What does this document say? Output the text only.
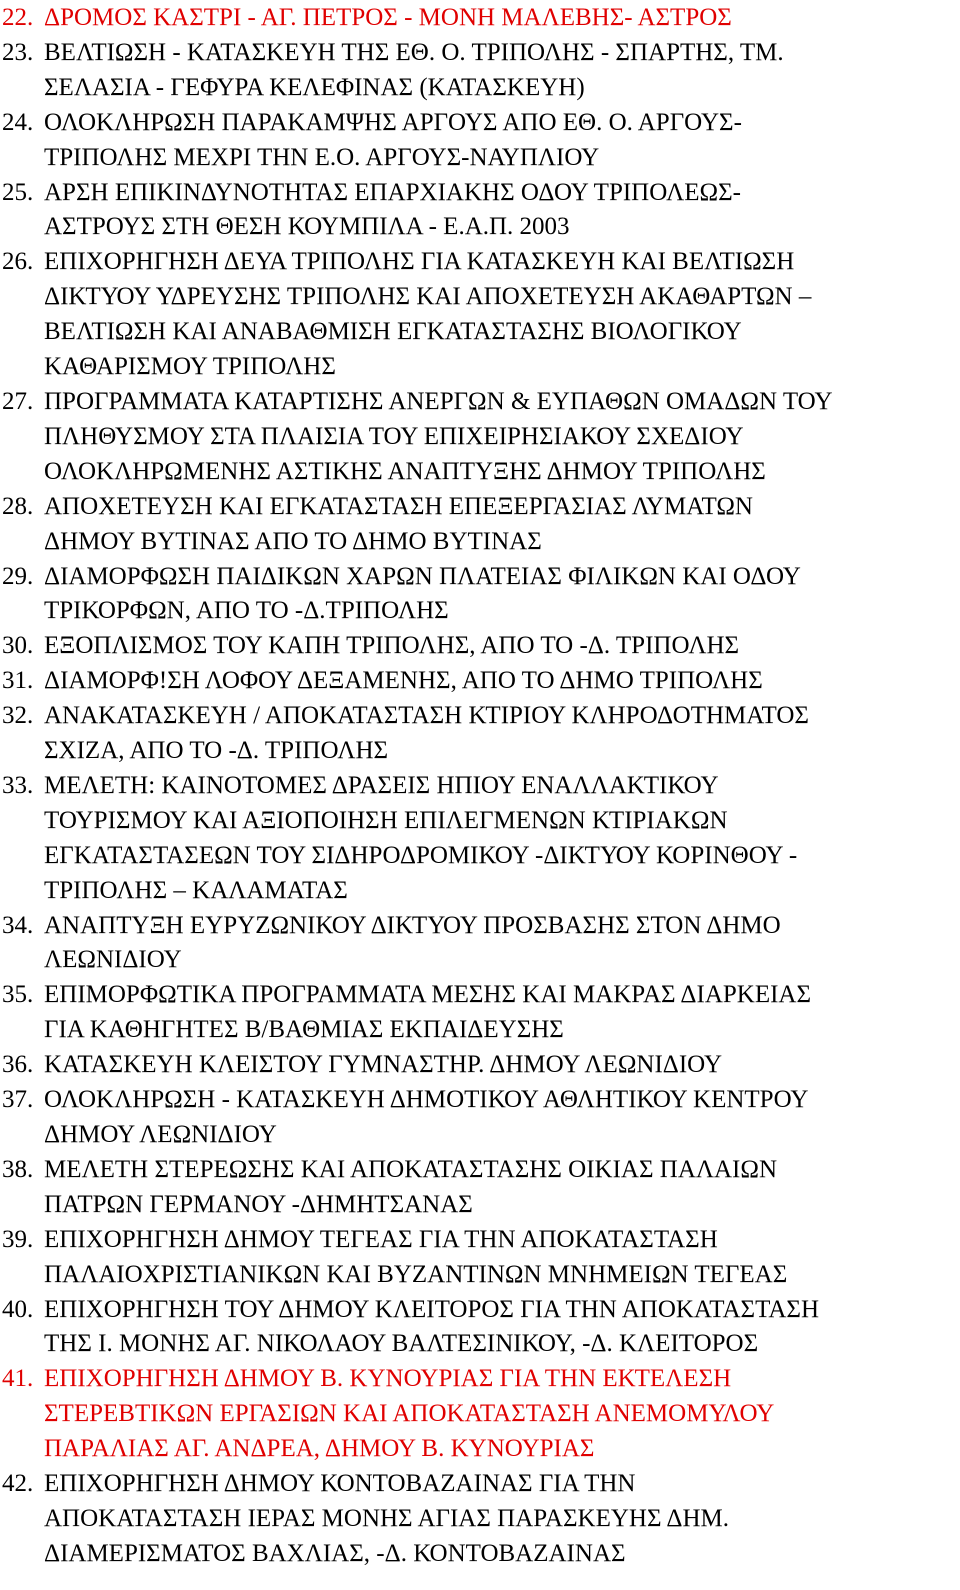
22. ΔΡΟΜΟΣ ΚΑΣΤΡΙ - ΑΓ. ΠΕΤΡΟΣ - ΜΟΝΗ ΜΑΛΕΒΗΣ- ΑΣΤΡΟΣ
23. ΒΕΛΤΙΩΣΗ - ΚΑΤΑΣΚΕΥΗ ΤΗΣ ΕΘ. Ο. ΤΡΙΠΟΛΗΣ - ΣΠΑΡΤΗΣ, ΤΜ.
ΣΕΛΑΣΙΑ - ΓΕΦΥΡΑ ΚΕΛΕΦΙΝΑΣ (ΚΑΤΑΣΚΕΥΗ)
24. ΟΛΟΚΛΗΡΩΣΗ ΠΑΡΑΚΑΜΨΗΣ ΑΡΓΟΥΣ ΑΠΟ ΕΘ. Ο. ΑΡΓΟΥΣ-
ΤΡΙΠΟΛΗΣ ΜΕΧΡΙ ΤΗΝ Ε.Ο. ΑΡΓΟΥΣ-ΝΑΥΠΛΙΟΥ
25. ΑΡΣΗ ΕΠΙΚΙΝΔΥΝΟΤΗΤΑΣ ΕΠΑΡΧΙΑΚΗΣ ΟΔΟΥ ΤΡΙΠΟΛΕΩΣ-
ΑΣΤΡΟΥΣ ΣΤΗ ΘΕΣΗ ΚΟΥΜΠΙΛΑ - Ε.Α.Π. 2003
26. ΕΠΙΧΟΡΗΓΗΣΗ ΔΕΥΑ ΤΡΙΠΟΛΗΣ ΓΙΑ ΚΑΤΑΣΚΕΥΗ ΚΑΙ ΒΕΛΤΙΩΣΗ
ΔΙΚΤΥΟΥ ΥΔΡΕΥΣΗΣ ΤΡΙΠΟΛΗΣ ΚΑΙ ΑΠΟΧΕΤΕΥΣΗ ΑΚΑΘΑΡΤΩΝ –
ΒΕΛΤΙΩΣΗ ΚΑΙ ΑΝΑΒΑΘΜΙΣΗ ΕΓΚΑΤΑΣΤΑΣΗΣ ΒΙΟΛΟΓΙΚΟΥ
ΚΑΘΑΡΙΣΜΟΥ ΤΡΙΠΟΛΗΣ
27. ΠΡΟΓΡΑΜΜΑΤΑ ΚΑΤΑΡΤΙΣΗΣ ΑΝΕΡΓΩΝ & ΕΥΠΑΘΩΝ ΟΜΑΔΩΝ ΤΟΥ
ΠΛΗΘΥΣΜΟΥ ΣΤΑ ΠΛΑΙΣΙΑ ΤΟΥ ΕΠΙΧΕΙΡΗΣΙΑΚΟΥ ΣΧΕΔΙΟΥ
ΟΛΟΚΛΗΡΩΜΕΝΗΣ ΑΣΤΙΚΗΣ ΑΝΑΠΤΥΞΗΣ ΔΗΜΟΥ ΤΡΙΠΟΛΗΣ
28. ΑΠΟΧΕΤΕΥΣΗ ΚΑΙ ΕΓΚΑΤΑΣΤΑΣΗ ΕΠΕΞΕΡΓΑΣΙΑΣ ΛΥΜΑΤΩΝ
ΔΗΜΟΥ ΒΥΤΙΝΑΣ ΑΠΟ ΤΟ ΔΗΜΟ ΒΥΤΙΝΑΣ
29. ΔΙΑΜΟΡΦΩΣΗ ΠΑΙΔΙΚΩΝ ΧΑΡΩΝ ΠΛΑΤΕΙΑΣ ΦΙΛΙΚΩΝ ΚΑΙ ΟΔΟΥ
ΤΡΙΚΟΡΦΩΝ, ΑΠΟ ΤΟ -Δ.ΤΡΙΠΟΛΗΣ
30. ΕΞΟΠΛΙΣΜΟΣ ΤΟΥ ΚΑΠΗ ΤΡΙΠΟΛΗΣ, ΑΠΟ ΤΟ -Δ. ΤΡΙΠΟΛΗΣ
31. ΔΙΑΜΟΡΦ!ΣΗ ΛΟΦΟΥ ΔΕΞΑΜΕΝΗΣ, ΑΠΟ ΤΟ ΔΗΜΟ ΤΡΙΠΟΛΗΣ
32. ΑΝΑΚΑΤΑΣΚΕΥΗ / ΑΠΟΚΑΤΑΣΤΑΣΗ ΚΤΙΡΙΟΥ ΚΛΗΡΟΔΟΤΗΜΑΤΟΣ
ΣΧΙΖΑ, ΑΠΟ ΤΟ -Δ. ΤΡΙΠΟΛΗΣ
33. ΜΕΛΕΤΗ: ΚΑΙΝΟΤΟΜΕΣ ΔΡΑΣΕΙΣ ΗΠΙΟΥ ΕΝΑΛΛΑΚΤΙΚΟΥ
ΤΟΥΡΙΣΜΟΥ ΚΑΙ ΑΞΙΟΠΟΙΗΣΗ ΕΠΙΛΕΓΜΕΝΩΝ ΚΤΙΡΙΑΚΩΝ
ΕΓΚΑΤΑΣΤΑΣΕΩΝ ΤΟΥ ΣΙΔΗΡΟΔΡΟΜΙΚΟΥ -ΔΙΚΤΥΟΥ ΚΟΡΙΝΘΟΥ -
ΤΡΙΠΟΛΗΣ – ΚΑΛΑΜΑΤΑΣ
34. ΑΝΑΠΤΥΞΗ ΕΥΡΥΖΩΝΙΚΟΥ ΔΙΚΤΥΟΥ ΠΡΟΣΒΑΣΗΣ ΣΤΟΝ ΔΗΜΟ
ΛΕΩΝΙΔΙΟΥ
35. ΕΠΙΜΟΡΦΩΤΙΚΑ ΠΡΟΓΡΑΜΜΑΤΑ ΜΕΣΗΣ ΚΑΙ ΜΑΚΡΑΣ ΔΙΑΡΚΕΙΑΣ
ΓΙΑ ΚΑΘΗΓΗΤΕΣ Β/ΒΑΘΜΙΑΣ ΕΚΠΑΙΔΕΥΣΗΣ
36. ΚΑΤΑΣΚΕΥΗ ΚΛΕΙΣΤΟΥ ΓΥΜΝΑΣΤΗΡ. ΔΗΜΟΥ ΛΕΩΝΙΔΙΟΥ
37. ΟΛΟΚΛΗΡΩΣΗ - ΚΑΤΑΣΚΕΥΗ ΔΗΜΟΤΙΚΟΥ ΑΘΛΗΤΙΚΟΥ ΚΕΝΤΡΟΥ
ΔΗΜΟΥ ΛΕΩΝΙΔΙΟΥ
38. ΜΕΛΕΤΗ ΣΤΕΡΕΩΣΗΣ ΚΑΙ ΑΠΟΚΑΤΑΣΤΑΣΗΣ ΟΙΚΙΑΣ ΠΑΛΑΙΩΝ
ΠΑΤΡΩΝ ΓΕΡΜΑΝΟΥ -ΔΗΜΗΤΣΑΝΑΣ
39. ΕΠΙΧΟΡΗΓΗΣΗ ΔΗΜΟΥ ΤΕΓΕΑΣ ΓΙΑ ΤΗΝ ΑΠΟΚΑΤΑΣΤΑΣΗ
ΠΑΛΑΙΟΧΡΙΣΤΙΑΝΙΚΩΝ ΚΑΙ ΒΥΖΑΝΤΙΝΩΝ ΜΝΗΜΕΙΩΝ ΤΕΓΕΑΣ
40. ΕΠΙΧΟΡΗΓΗΣΗ ΤΟΥ ΔΗΜΟΥ ΚΛΕΙΤΟΡΟΣ ΓΙΑ ΤΗΝ ΑΠΟΚΑΤΑΣΤΑΣΗ
ΤΗΣ Ι. ΜΟΝΗΣ ΑΓ. ΝΙΚΟΛΑΟΥ ΒΑΛΤΕΣΙΝΙΚΟΥ, -Δ. ΚΛΕΙΤΟΡΟΣ
41. ΕΠΙΧΟΡΗΓΗΣΗ ΔΗΜΟΥ Β. ΚΥΝΟΥΡΙΑΣ ΓΙΑ ΤΗΝ ΕΚΤΕΛΕΣΗ
ΣΤΕΡΕΒΤΙΚΩΝ ΕΡΓΑΣΙΩΝ ΚΑΙ ΑΠΟΚΑΤΑΣΤΑΣΗ ΑΝΕΜΟΜΥΛΟΥ
ΠΑΡΑΛΙΑΣ ΑΓ. ΑΝΔΡΕΑ, ΔΗΜΟΥ Β. ΚΥΝΟΥΡΙΑΣ
42. ΕΠΙΧΟΡΗΓΗΣΗ ΔΗΜΟΥ ΚΟΝΤΟΒΑΖΑΙΝΑΣ ΓΙΑ ΤΗΝ
ΑΠΟΚΑΤΑΣΤΑΣΗ ΙΕΡΑΣ ΜΟΝΗΣ ΑΓΙΑΣ ΠΑΡΑΣΚΕΥΗΣ ΔΗΜ.
ΔΙΑΜΕΡΙΣΜΑΤΟΣ ΒΑΧΛΙΑΣ, -Δ. ΚΟΝΤΟΒΑΖΑΙΝΑΣ
